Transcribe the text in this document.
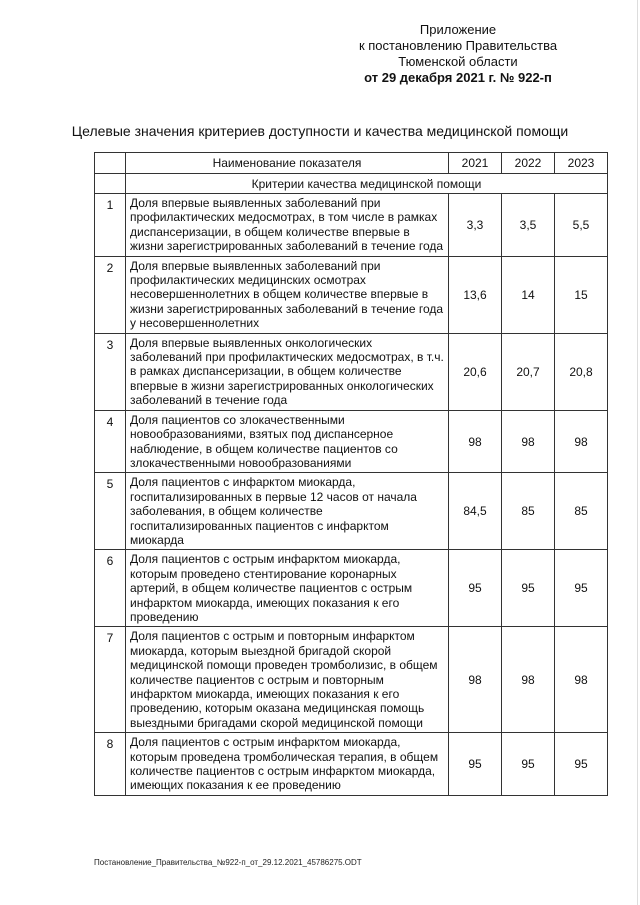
Приложение
к постановлению Правительства
Тюменской области
от 29 декабря 2021 г. № 922-п
Целевые значения критериев доступности и качества медицинской помощи
	Наименование показателя	2021	2022	2023
	Критерии качества медицинской помощи			
1	Доля впервые выявленных заболеваний при профилактических медосмотрах, в том числе в рамках диспансеризации, в общем количестве впервые в жизни зарегистрированных заболеваний в течение года	3,3	3,5	5,5
2	Доля впервые выявленных заболеваний при профилактических медицинских осмотрах несовершеннолетних в общем количестве впервые в жизни зарегистрированных заболеваний в течение года у несовершеннолетних	13,6	14	15
3	Доля впервые выявленных онкологических заболеваний при профилактических медосмотрах, в т.ч. в рамках диспансеризации, в общем количестве впервые в жизни зарегистрированных онкологических заболеваний в течение года	20,6	20,7	20,8
4	Доля пациентов со злокачественными новообразованиями, взятых под диспансерное наблюдение, в общем количестве пациентов со злокачественными новообразованиями	98	98	98
5	Доля пациентов с инфарктом миокарда, госпитализированных в первые 12 часов от начала заболевания, в общем количестве госпитализированных пациентов с инфарктом миокарда	84,5	85	85
6	Доля пациентов с острым инфарктом миокарда, которым проведено стентирование коронарных артерий, в общем количестве пациентов с острым инфарктом миокарда, имеющих показания к его проведению	95	95	95
7	Доля пациентов с острым и повторным инфарктом миокарда, которым выездной бригадой скорой медицинской помощи проведен тромболизис, в общем количестве пациентов с острым и повторным инфарктом миокарда, имеющих показания к его проведению, которым оказана медицинская помощь выездными бригадами скорой медицинской помощи	98	98	98
8	Доля пациентов с острым инфарктом миокарда, которым проведена тромболическая терапия, в общем количестве пациентов с острым инфарктом миокарда, имеющих показания к ее проведению	95	95	95
Постановление_Правительства_№922-п_от_29.12.2021_45786275.ODT
